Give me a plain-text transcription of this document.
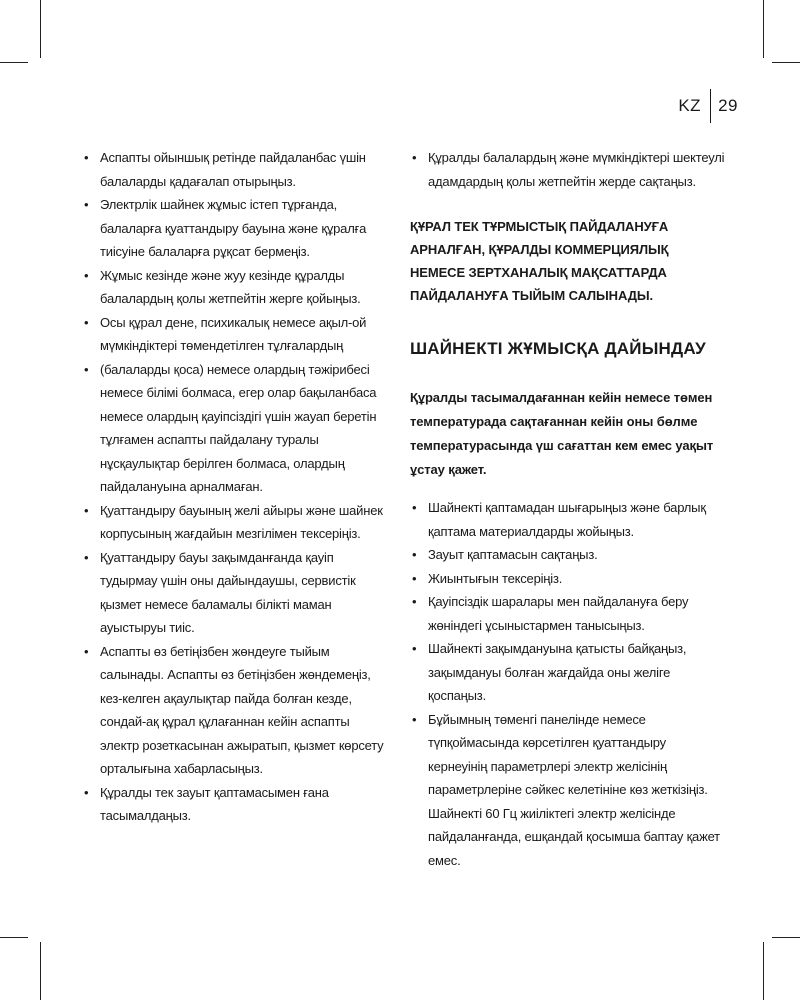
KZ 29
• Аспапты ойыншық ретінде пайдаланбас үшін балаларды қадағалап отырыңыз.
• Электрлік шайнек жұмыс істеп тұрғанда, балаларға қуаттандыру бауына және құралға тиісуіне балаларға рұқсат бермеңіз.
• Жұмыс кезінде және жуу кезінде құралды балалардың қолы жетпейтін жерге қойыңыз.
• Осы құрал дене, психикалық немесе ақыл-ой мүмкіндіктері төмендетілген тұлғалардың
• (балаларды қоса) немесе олардың тәжірибесі немесе білімі болмаса, егер олар бақыланбаса немесе олардың қауіпсіздігі үшін жауап беретін тұлғамен аспапты пайдалану туралы нұсқаулықтар берілген болмаса, олардың пайдалануына арналмаған.
• Қуаттандыру бауының желі айыры және шайнек корпусының жағдайын мезгілімен тексеріңіз.
• Қуаттандыру бауы зақымданғанда қауіп тудырмау үшін оны дайындаушы, сервистік қызмет немесе баламалы білікті маман ауыстыруы тиіс.
• Аспапты өз бетіңізбен жөндеуге тыйым салынады. Аспапты өз бетіңізбен жөндемеңіз, кез-келген ақаулықтар пайда болған кезде, сондай-ақ құрал құлағаннан кейін аспапты электр розеткасынан ажыратып, қызмет көрсету орталығына хабарласыңыз.
• Құралды тек зауыт қаптамасымен ғана тасымалдаңыз.
• Құралды балалардың және мүмкіндіктері шектеулі адамдардың қолы жетпейтін жерде сақтаңыз.
ҚҰРАЛ ТЕК ТҰРМЫСТЫҚ ПАЙДАЛАНУҒА АРНАЛҒАН, ҚҰРАЛДЫ КОММЕРЦИЯЛЫҚ НЕМЕСЕ ЗЕРТХАНАЛЫҚ МАҚСАТТАРДА ПАЙДАЛАНУҒА ТЫЙЫМ САЛЫНАДЫ.
ШАЙНЕКТІ ЖҰМЫСҚА ДАЙЫНДАУ
Құралды тасымалдағаннан кейін немесе төмен температурада сақтағаннан кейін оны бөлме температурасында үш сағаттан кем емес уақыт ұстау қажет.
• Шайнекті қаптамадан шығарыңыз және барлық қаптама материалдарды жойыңыз.
• Зауыт қаптамасын сақтаңыз.
• Жиынтығын тексеріңіз.
• Қауіпсіздік шаралары мен пайдалануға беру жөніндегі ұсыныстармен танысыңыз.
• Шайнекті зақымдануына қатысты байқаңыз, зақымдануы болған жағдайда оны желіге қоспаңыз.
• Бұйымның төменгі панелінде немесе түпқоймасында көрсетілген қуаттандыру кернеуінің параметрлері электр желісінің параметрлеріне сәйкес келетініне көз жеткізіңіз. Шайнекті 60 Гц жиіліктегі электр желісінде пайдаланғанда, ешқандай қосымша баптау қажет емес.
